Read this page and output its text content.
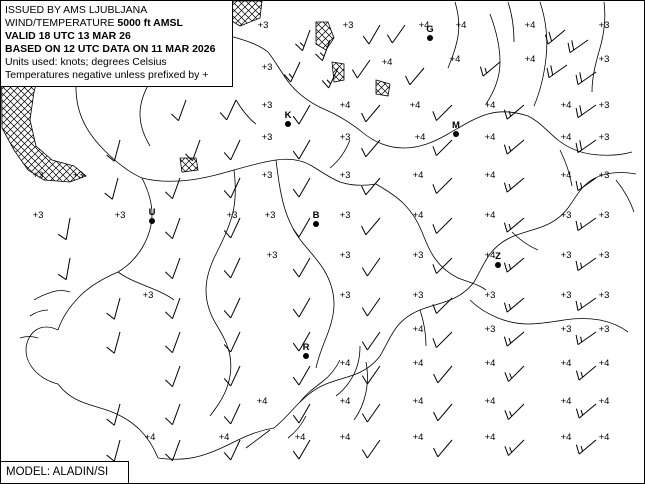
+3	+3	+4	+4	+4	+3
+3	+4	+4	+4	+3
+3	+4	+4	+4	+4	+3
+3	+3	+4	+4	+4	+3
+3	+3	+3	+3	+4	+4	+4	+3
+3	+3	+3	+3	+3	+4	+4	+3	+3
+3	+3	+3	+4	+3	+3
+3	+3	+3	+3	+3	+3
+4	+3	+3	+3
+4	+4	+4	+4	+4
+4	+4	+4	+4	+4	+4
+4	+4	+4	+4	+4	+4	+4	+4
G
K
M
U	B
Z
R
ISSUED BY AMS LJUBLJANA
WIND/TEMPERATURE 5000 ft AMSL
VALID 18 UTC 13 MAR 26
BASED ON 12 UTC DATA ON 11 MAR 2026
Units used: knots; degrees Celsius
Temperatures negative unless prefixed by +
MODEL: ALADIN/SI
